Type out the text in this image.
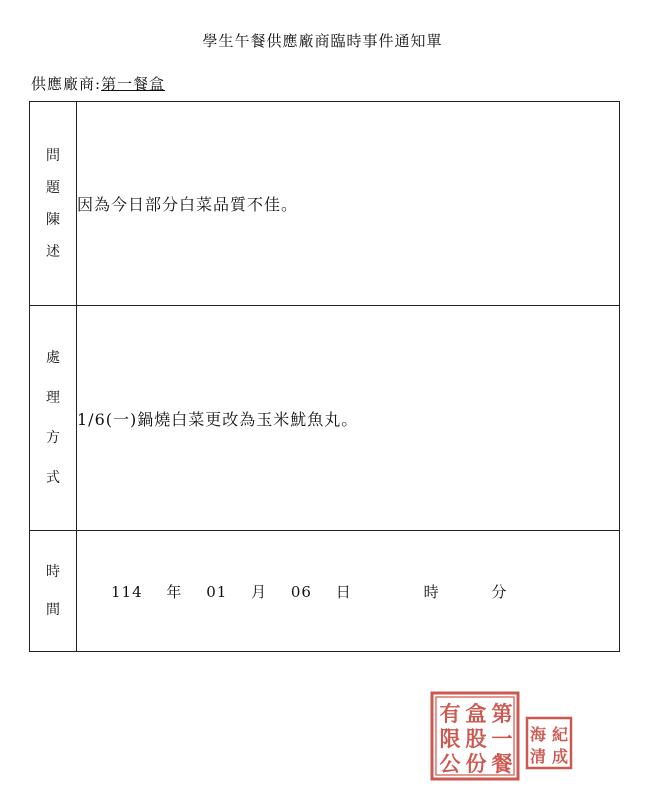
學生午餐供應廠商臨時事件通知單
供應廠商:第一餐盒
問
題
陳
述	因為今日部分白菜品質不佳。

處
理
方
式	1/6(一)鍋燒白菜更改為玉米魷魚丸。

時
間	114 年 01 月 06 日 時 分
第
一
餐
盒
股
份
有
限
公
紀
成
海
清
